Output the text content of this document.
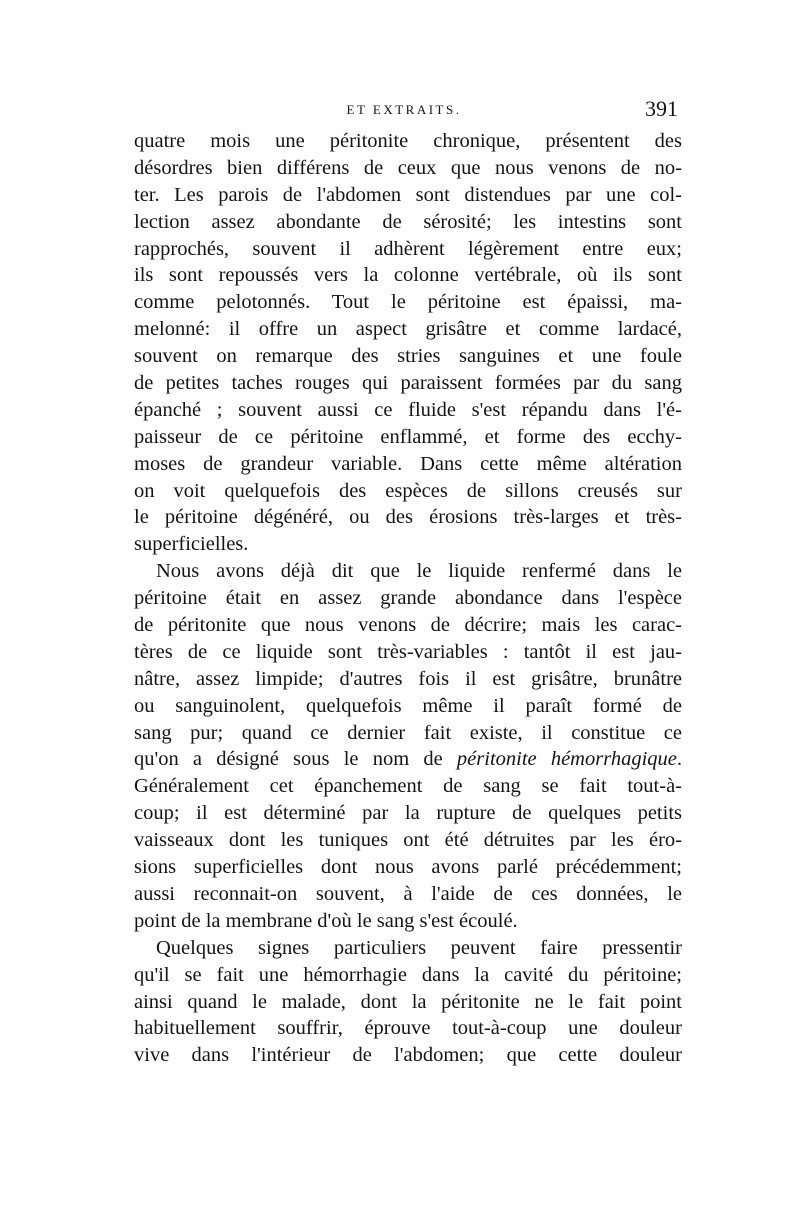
ET EXTRAITS.	391
quatre mois une péritonite chronique, présentent des
désordres bien différens de ceux que nous venons de no-
ter. Les parois de l'abdomen sont distendues par une col-
lection assez abondante de sérosité; les intestins sont
rapprochés, souvent il adhèrent légèrement entre eux;
ils sont repoussés vers la colonne vertébrale, où ils sont
comme pelotonnés. Tout le péritoine est épaissi, ma-
melonné: il offre un aspect grisâtre et comme lardacé,
souvent on remarque des stries sanguines et une foule
de petites taches rouges qui paraissent formées par du sang
épanché ; souvent aussi ce fluide s'est répandu dans l'é-
paisseur de ce péritoine enflammé, et forme des ecchy-
moses de grandeur variable. Dans cette même altération
on voit quelquefois des espèces de sillons creusés sur
le péritoine dégénéré, ou des érosions très-larges et très-
superficielles.
Nous avons déjà dit que le liquide renfermé dans le
péritoine était en assez grande abondance dans l'espèce
de péritonite que nous venons de décrire; mais les carac-
tères de ce liquide sont très-variables : tantôt il est jau-
nâtre, assez limpide; d'autres fois il est grisâtre, brunâtre
ou sanguinolent, quelquefois même il paraît formé de
sang pur; quand ce dernier fait existe, il constitue ce
qu'on a désigné sous le nom de péritonite hémorrhagique.
Généralement cet épanchement de sang se fait tout-à-
coup; il est déterminé par la rupture de quelques petits
vaisseaux dont les tuniques ont été détruites par les éro-
sions superficielles dont nous avons parlé précédemment;
aussi reconnait-on souvent, à l'aide de ces données, le
point de la membrane d'où le sang s'est écoulé.
Quelques signes particuliers peuvent faire pressentir
qu'il se fait une hémorrhagie dans la cavité du péritoine;
ainsi quand le malade, dont la péritonite ne le fait point
habituellement souffrir, éprouve tout-à-coup une douleur
vive dans l'intérieur de l'abdomen; que cette douleur
